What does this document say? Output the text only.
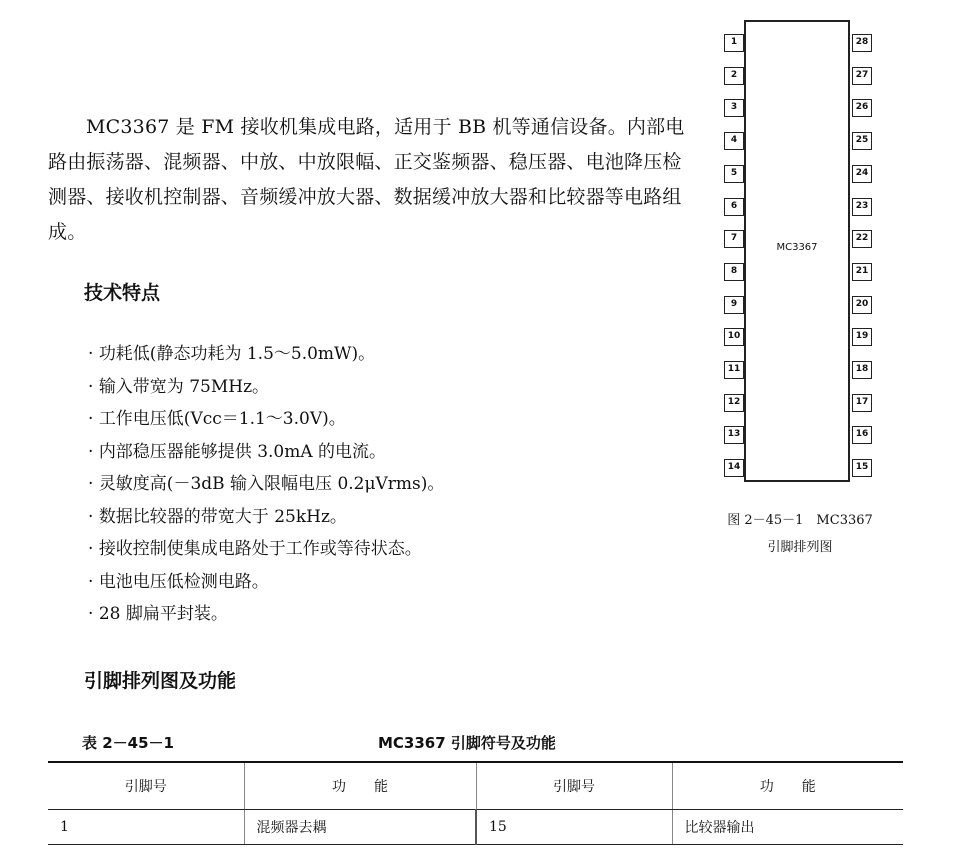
MC3367 是 FM 接收机集成电路，适用于 BB 机等通信设备。内部电路由振荡器、混频器、中放、中放限幅、正交鉴频器、稳压器、电池降压检测器、接收机控制器、音频缓冲放大器、数据缓冲放大器和比较器等电路组成。

技术特点

· 功耗低(静态功耗为 1.5～5.0mW)。
· 输入带宽为 75MHz。
· 工作电压低(Vcc＝1.1～3.0V)。
· 内部稳压器能够提供 3.0mA 的电流。
· 灵敏度高(－3dB 输入限幅电压 0.2μVrms)。
· 数据比较器的带宽大于 25kHz。
· 接收控制使集成电路处于工作或等待状态。
· 电池电压低检测电路。
· 28 脚扁平封装。

引脚排列图及功能

MC3367
1
2
3
4
5
6
7
8
9
10
11
12
13
14
28
27
26
25
24
23
22
21
20
19
18
17
16
15

图 2－45－1　MC3367

引脚排列图

表 2－45－1	MC3367 引脚符号及功能

引脚号	功　　能	引脚号	功　　能
1	混频器去耦	15	比较器输出
